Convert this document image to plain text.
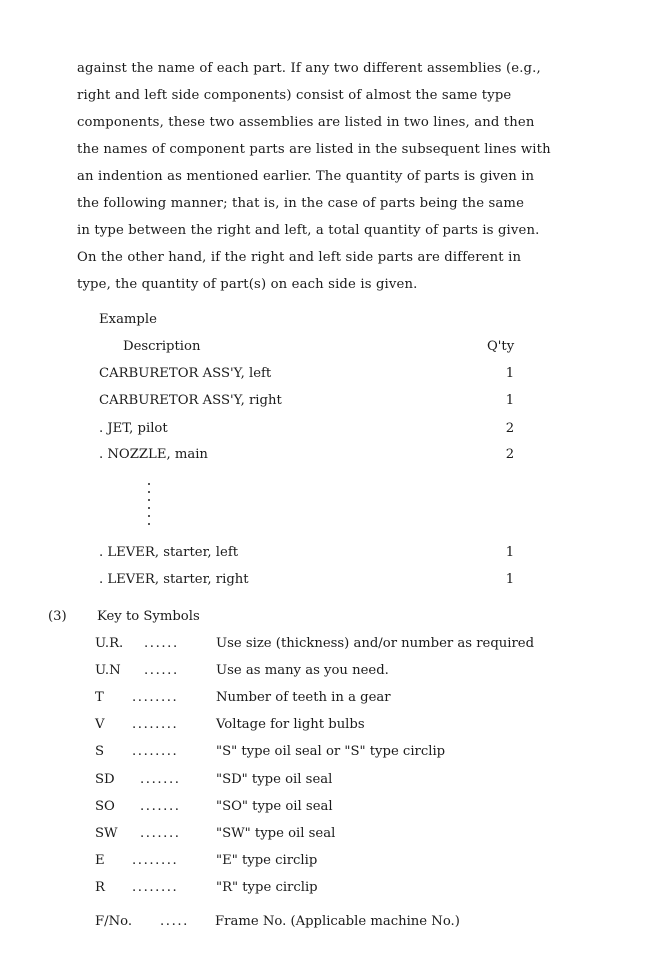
against the name of each part. If any two different assemblies (e.g.,
right and left side components) consist of almost the same type
components, these two assemblies are listed in two lines, and then
the names of component parts are listed in the subsequent lines with
an indention as mentioned earlier. The quantity of parts is given in
the following manner; that is, in the case of parts being the same
in type between the right and left, a total quantity of parts is given.
On the other hand, if the right and left side parts are different in
type, the quantity of part(s) on each side is given.
Example
Description	Q'ty
CARBURETOR ASS'Y, left	1
CARBURETOR ASS'Y, right	1
. JET, pilot	2
. NOZZLE, main	2
. LEVER, starter, left	1
. LEVER, starter, right	1
(3) Key to Symbols
U.R.	......	Use size (thickness) and/or number as required
U.N	......	Use as many as you need.
T	........	Number of teeth in a gear
V	........	Voltage for light bulbs
S	........	"S" type oil seal or "S" type circlip
SD	.......	"SD" type oil seal
SO	.......	"SO" type oil seal
SW	.......	"SW" type oil seal
E	........	"E" type circlip
R	........	"R" type circlip
F/No. .....	Frame No. (Applicable machine No.)
